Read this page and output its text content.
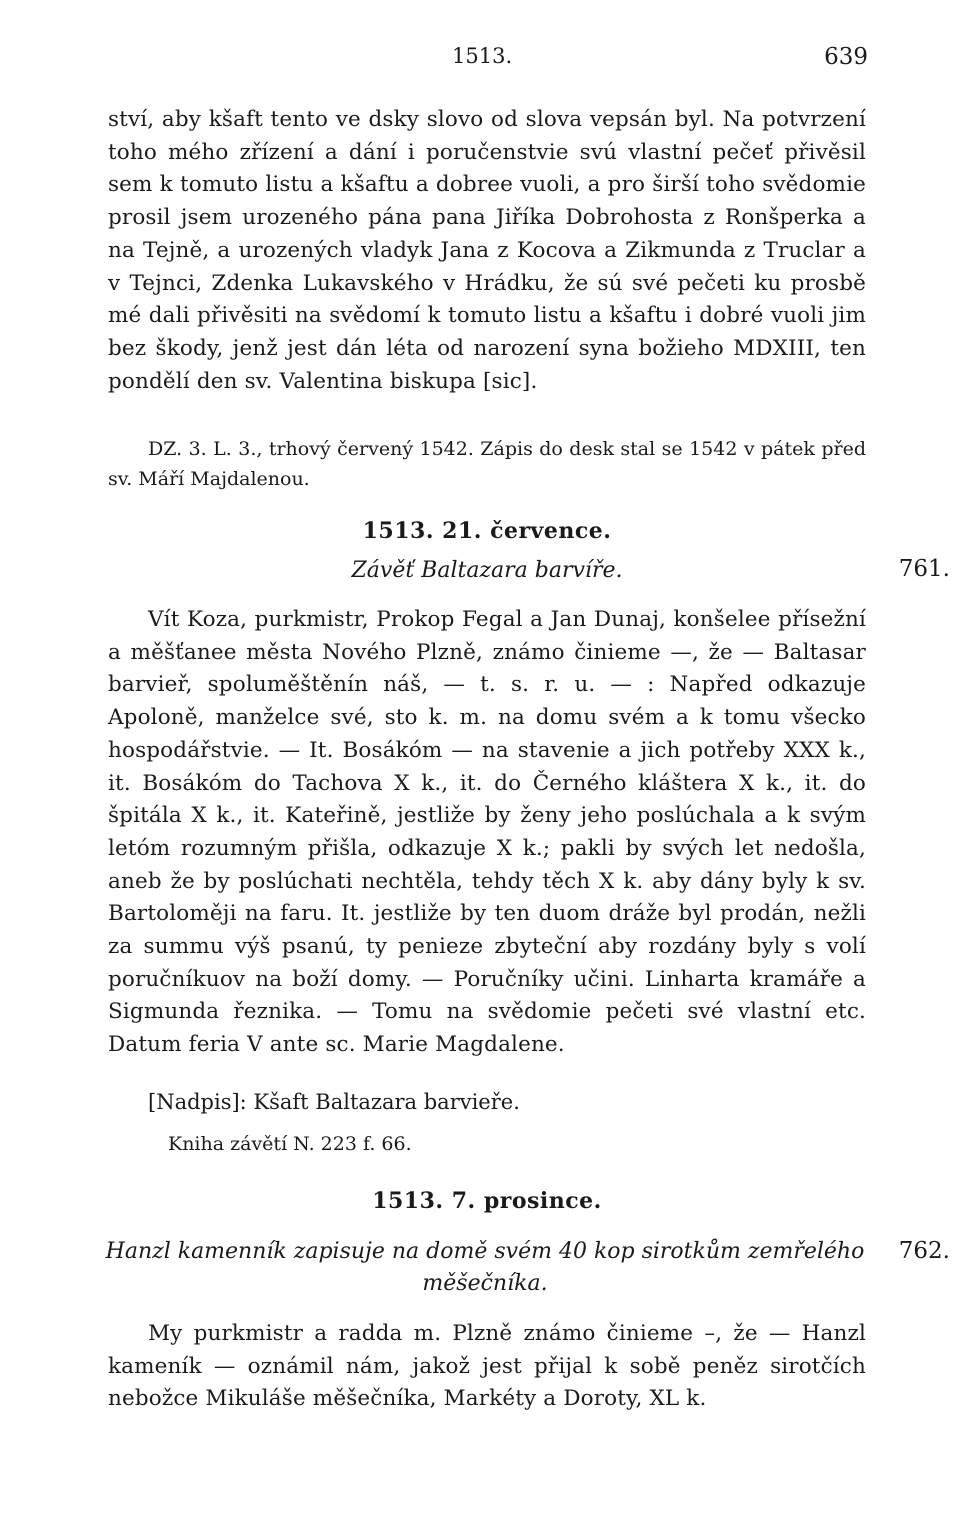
1513.	639

ství, aby kšaft tento ve dsky slovo od slova vepsán byl. Na potvrzení toho mého zřízení a dání i poručenstvie svú vlastní pečeť přivěsil sem k tomuto listu a kšaftu a dobree vuoli, a pro širší toho svědomie prosil jsem urozeného pána pana Jiříka Dobrohosta z Ronšperka a na Tejně, a urozených vladyk Jana z Kocova a Zikmunda z Truclar a v Tejnci, Zdenka Lukavského v Hrádku, že sú své pečeti ku prosbě mé dali přivěsiti na svědomí k tomuto listu a kšaftu i dobré vuoli jim bez škody, jenž jest dán léta od narození syna božieho MDXIII, ten pondělí den sv. Valentina biskupa [sic].

DZ. 3. L. 3., trhový červený 1542. Zápis do desk stal se 1542 v pátek před sv. Máří Majdalenou.

1513. 21. července.
Závěť Baltazara barvíře.	761.

Vít Koza, purkmistr, Prokop Fegal a Jan Dunaj, konšelee přísežní a měšťanee města Nového Plzně, známo činieme —, že — Baltasar barvieř, spoluměštěnín náš, — t. s. r. u. — : Napřed odkazuje Apoloně, manželce své, sto k. m. na domu svém a k tomu všecko hospodářstvie. — It. Bosákóm — na stavenie a jich potřeby XXX k., it. Bosákóm do Tachova X k., it. do Černého kláštera X k., it. do špitála X k., it. Kateřině, jestliže by ženy jeho poslúchala a k svým letóm rozumným přišla, odkazuje X k.; pakli by svých let nedošla, aneb že by poslúchati nechtěla, tehdy těch X k. aby dány byly k sv. Bartoloměji na faru. It. jestliže by ten duom dráže byl prodán, nežli za summu výš psanú, ty penieze zbyteční aby rozdány byly s volí poručníkuov na boží domy. — Poručníky učini. Linharta kramáře a Sigmunda řeznika. — Tomu na svědomie pečeti své vlastní etc. Datum feria V ante sc. Marie Magdalene.

[Nadpis]: Kšaft Baltazara barvieře.
Kniha závětí N. 223 f. 66.
1513. 7. prosince.
Hanzl kamenník zapisuje na domě svém 40 kop sirotkům zemřelého měšečníka.
762.

My purkmistr a radda m. Plzně známo činieme –, že — Hanzl kameník — oznámil nám, jakož jest přijal k sobě peněz sirotčích nebožce Mikuláše měšečníka, Markéty a Doroty, XL k.
